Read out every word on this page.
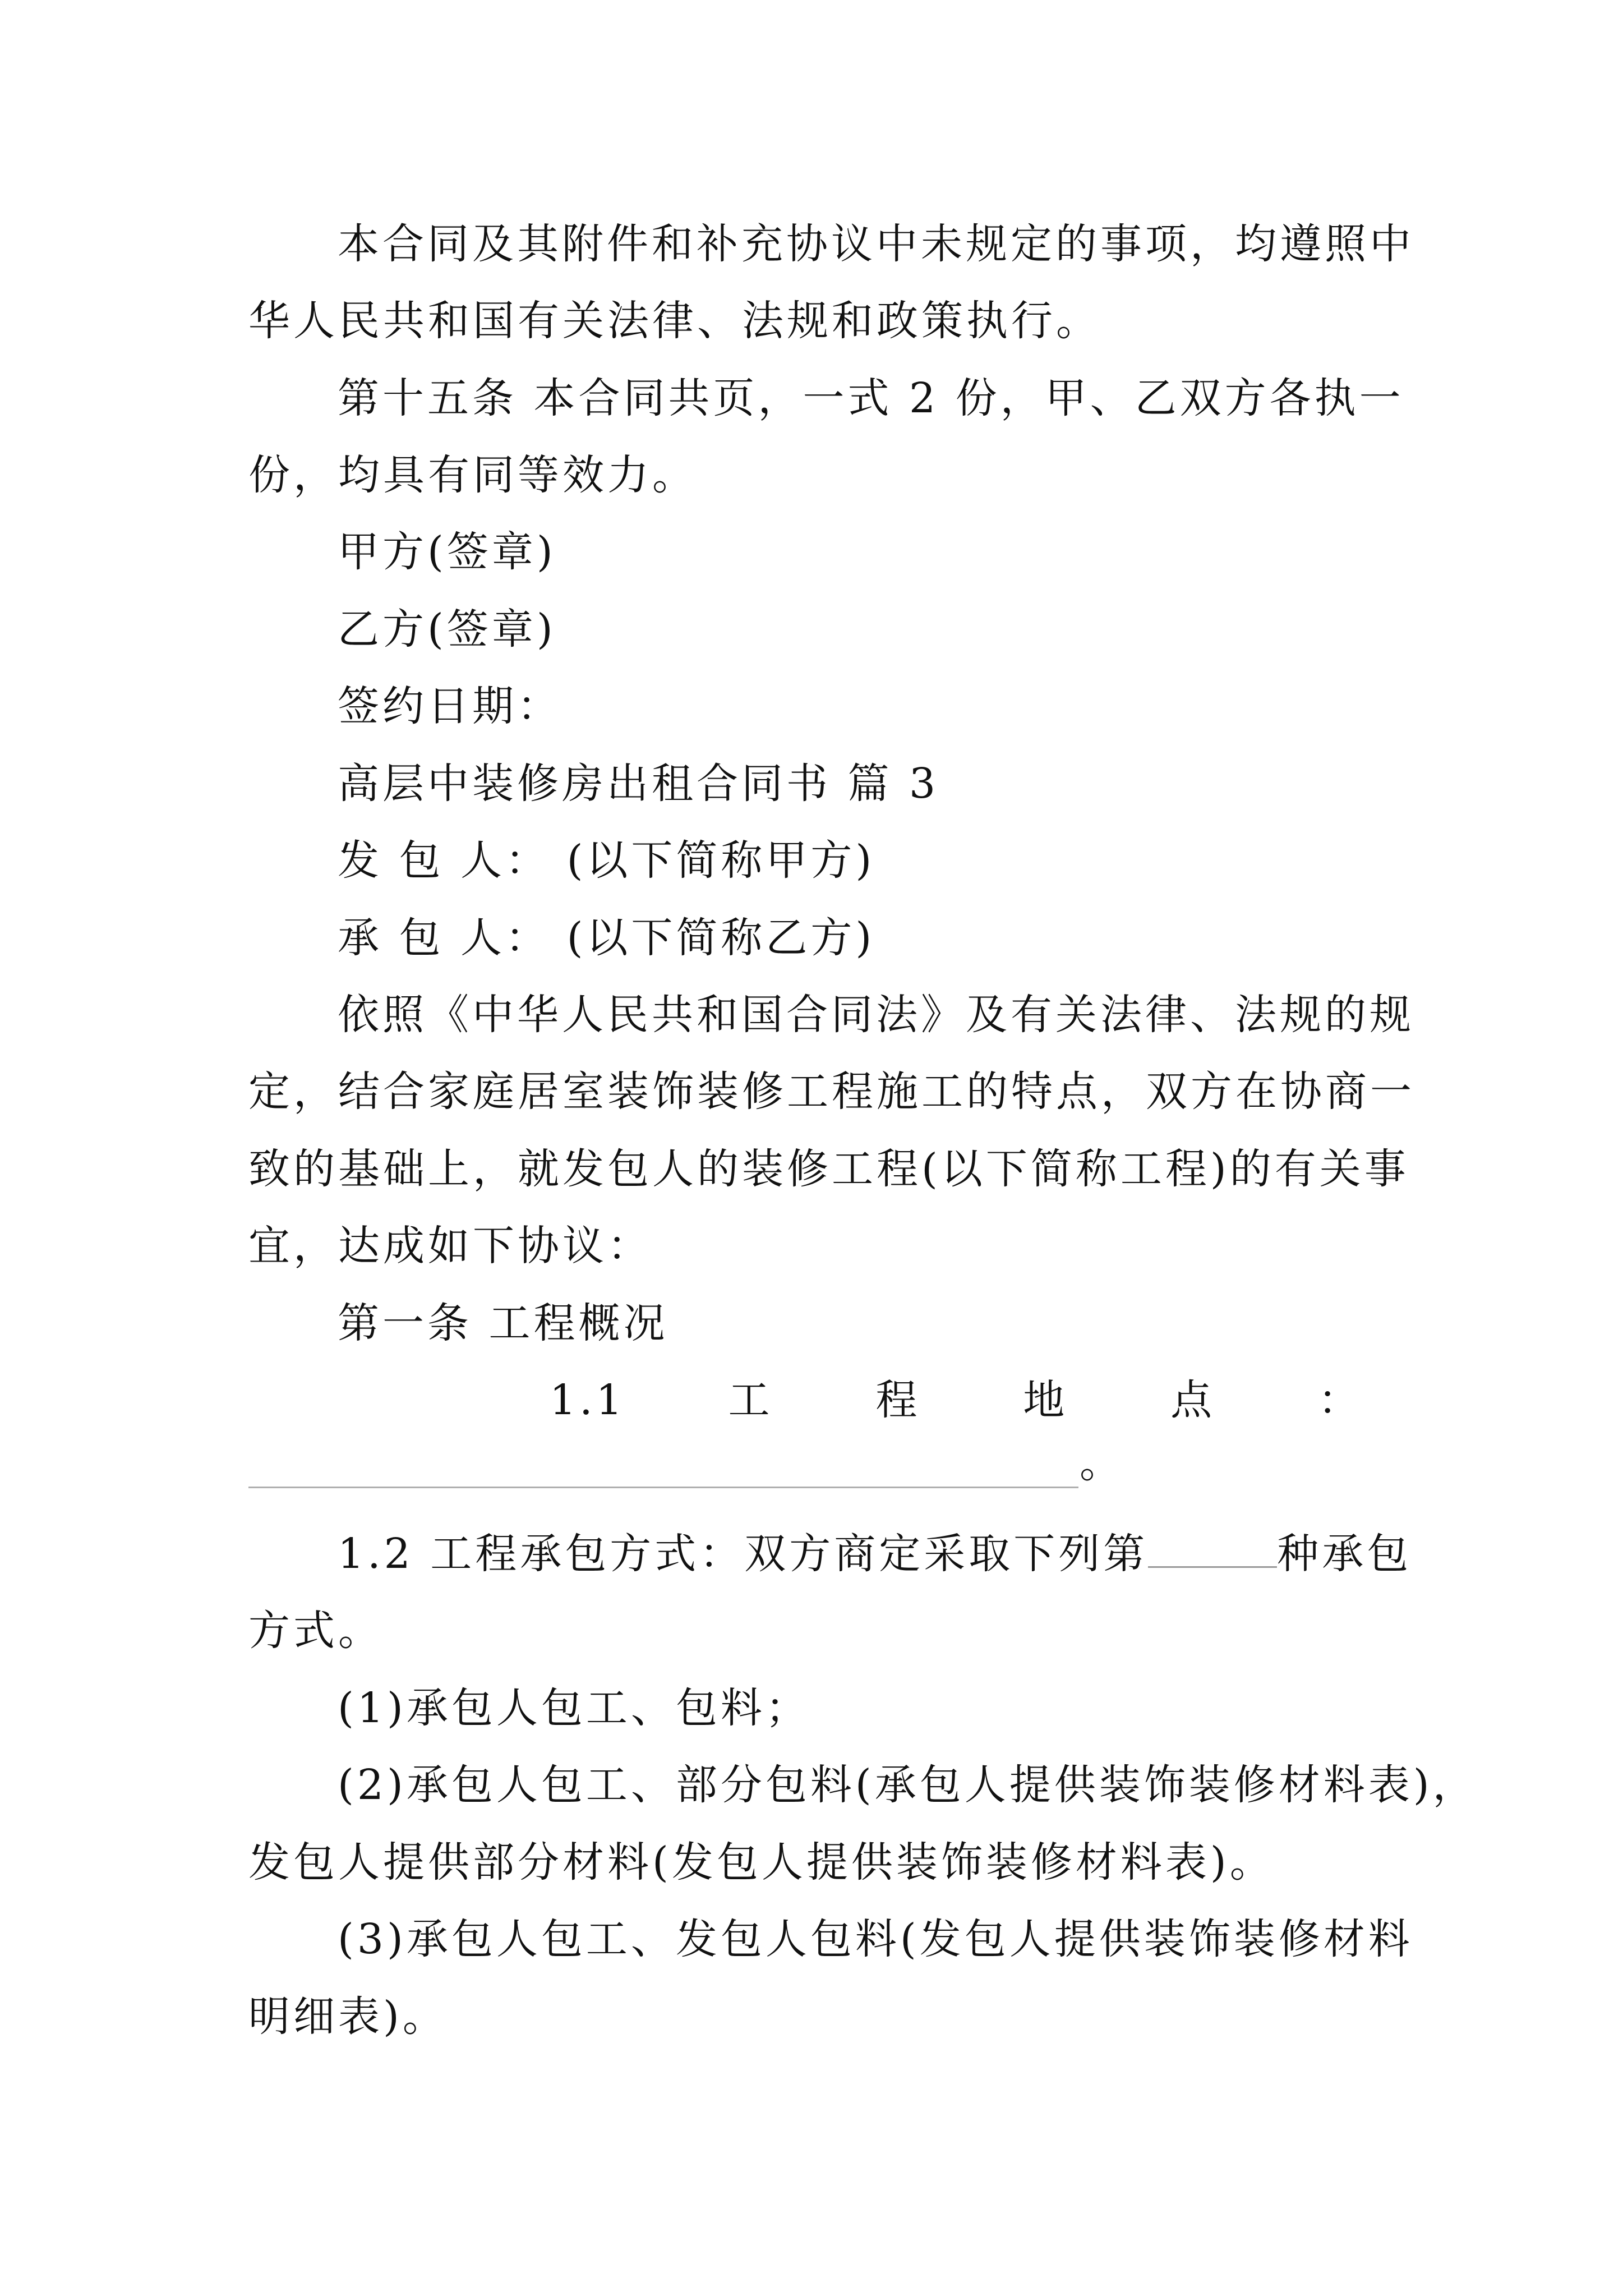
本合同及其附件和补充协议中未规定的事项，均遵照中
华人民共和国有关法律、法规和政策执行。
第十五条 本合同共页，一式 2 份，甲、乙双方各执一
份，均具有同等效力。
甲方(签章)
乙方(签章)
签约日期：
高层中装修房出租合同书 篇 3
发 包 人： (以下简称甲方)
承 包 人： (以下简称乙方)
依照《中华人民共和国合同法》及有关法律、法规的规
定，结合家庭居室装饰装修工程施工的特点，双方在协商一
致的基础上，就发包人的装修工程(以下简称工程)的有关事
宜，达成如下协议：
第一条 工程概况
1.1 工 程 地 点 ：
。
1.2 工程承包方式：双方商定采取下列第	种承包
方式。
(1)承包人包工、包料；
(2)承包人包工、部分包料(承包人提供装饰装修材料表)，
发包人提供部分材料(发包人提供装饰装修材料表)。
(3)承包人包工、发包人包料(发包人提供装饰装修材料
明细表)。
